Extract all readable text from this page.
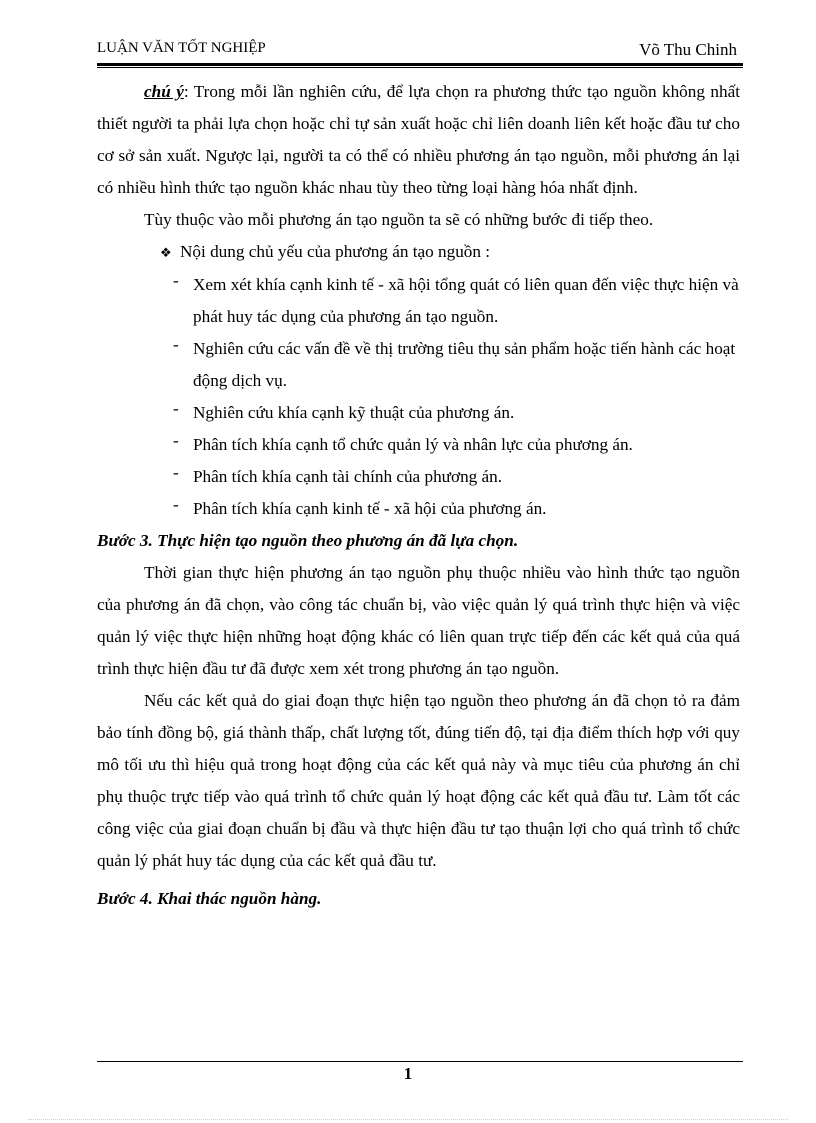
LUẬN VĂN TỐT NGHIỆP	Võ Thu Chinh

chú ý: Trong mỗi lần nghiên cứu, để lựa chọn ra phương thức tạo nguồn không nhất thiết người ta phải lựa chọn hoặc chỉ tự sản xuất hoặc chỉ liên doanh liên kết hoặc đầu tư cho cơ sở sản xuất. Ngược lại, người ta có thể có nhiều phương án tạo nguồn, mỗi phương án lại có nhiều hình thức tạo nguồn khác nhau tùy theo từng loại hàng hóa nhất định.

Tùy thuộc vào mỗi phương án tạo nguồn ta sẽ có những bước đi tiếp theo.

❖ Nội dung chủ yếu của phương án tạo nguồn :
- Xem xét khía cạnh kinh tế - xã hội tổng quát có liên quan đến việc thực hiện và phát huy tác dụng của phương án tạo nguồn.
- Nghiên cứu các vấn đề về thị trường tiêu thụ sản phẩm hoặc tiến hành các hoạt động dịch vụ.
- Nghiên cứu khía cạnh kỹ thuật của phương án.
- Phân tích khía cạnh tổ chức quản lý và nhân lực của phương án.
- Phân tích khía cạnh tài chính của phương án.
- Phân tích khía cạnh kinh tế - xã hội của phương án.

Bước 3. Thực hiện tạo nguồn theo phương án đã lựa chọn.

Thời gian thực hiện phương án tạo nguồn phụ thuộc nhiều vào hình thức tạo nguồn của phương án đã chọn, vào công tác chuẩn bị, vào việc quản lý quá trình thực hiện và việc quản lý việc thực hiện những hoạt động khác có liên quan trực tiếp đến các kết quả của quá trình thực hiện đầu tư đã được xem xét trong phương án tạo nguồn.

Nếu các kết quả do giai đoạn thực hiện tạo nguồn theo phương án đã chọn tỏ ra đảm bảo tính đồng bộ, giá thành thấp, chất lượng tốt, đúng tiến độ, tại địa điểm thích hợp với quy mô tối ưu thì hiệu quả trong hoạt động của các kết quả này và mục tiêu của phương án chỉ phụ thuộc trực tiếp vào quá trình tổ chức quản lý hoạt động các kết quả đầu tư. Làm tốt các công việc của giai đoạn chuẩn bị đầu và thực hiện đầu tư tạo thuận lợi cho quá trình tổ chức quản lý phát huy tác dụng của các kết quả đầu tư.

Bước 4. Khai thác nguồn hàng.

1
